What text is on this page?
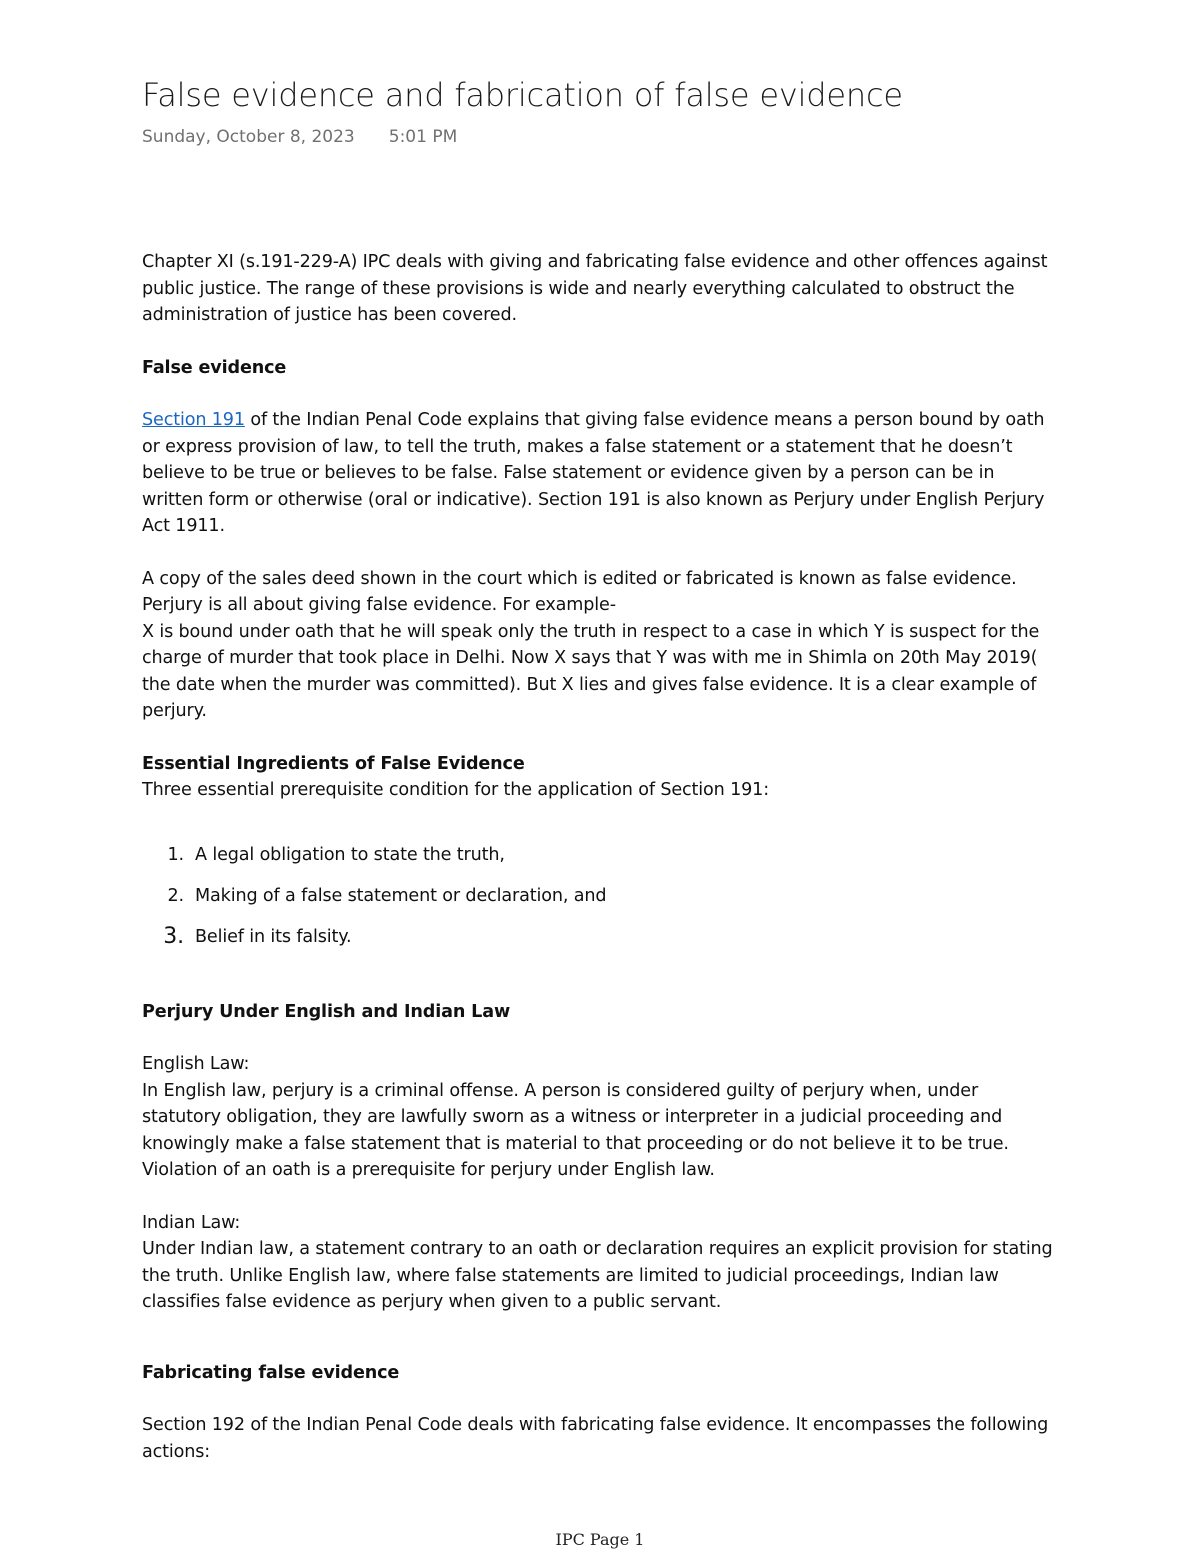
False evidence and fabrication of false evidence
Sunday, October 8, 2023 5:01 PM

Chapter XI (s.191-229-A) IPC deals with giving and fabricating false evidence and other offences against public justice. The range of these provisions is wide and nearly everything calculated to obstruct the administration of justice has been covered.

False evidence

Section 191 of the Indian Penal Code explains that giving false evidence means a person bound by oath or express provision of law, to tell the truth, makes a false statement or a statement that he doesn’t believe to be true or believes to be false. False statement or evidence given by a person can be in written form or otherwise (oral or indicative). Section 191 is also known as Perjury under English Perjury Act 1911.

A copy of the sales deed shown in the court which is edited or fabricated is known as false evidence.

Perjury is all about giving false evidence. For example-

X is bound under oath that he will speak only the truth in respect to a case in which Y is suspect for the charge of murder that took place in Delhi. Now X says that Y was with me in Shimla on 20th May 2019( the date when the murder was committed). But X lies and gives false evidence. It is a clear example of perjury.

Essential Ingredients of False Evidence

Three essential prerequisite condition for the application of Section 191:

1. A legal obligation to state the truth,
2. Making of a false statement or declaration, and
3. Belief in its falsity.

Perjury Under English and Indian Law

English Law:

In English law, perjury is a criminal offense. A person is considered guilty of perjury when, under statutory obligation, they are lawfully sworn as a witness or interpreter in a judicial proceeding and knowingly make a false statement that is material to that proceeding or do not believe it to be true. Violation of an oath is a prerequisite for perjury under English law.

Indian Law:

Under Indian law, a statement contrary to an oath or declaration requires an explicit provision for stating the truth. Unlike English law, where false statements are limited to judicial proceedings, Indian law classifies false evidence as perjury when given to a public servant.

Fabricating false evidence

Section 192 of the Indian Penal Code deals with fabricating false evidence. It encompasses the following actions:

IPC Page 1
